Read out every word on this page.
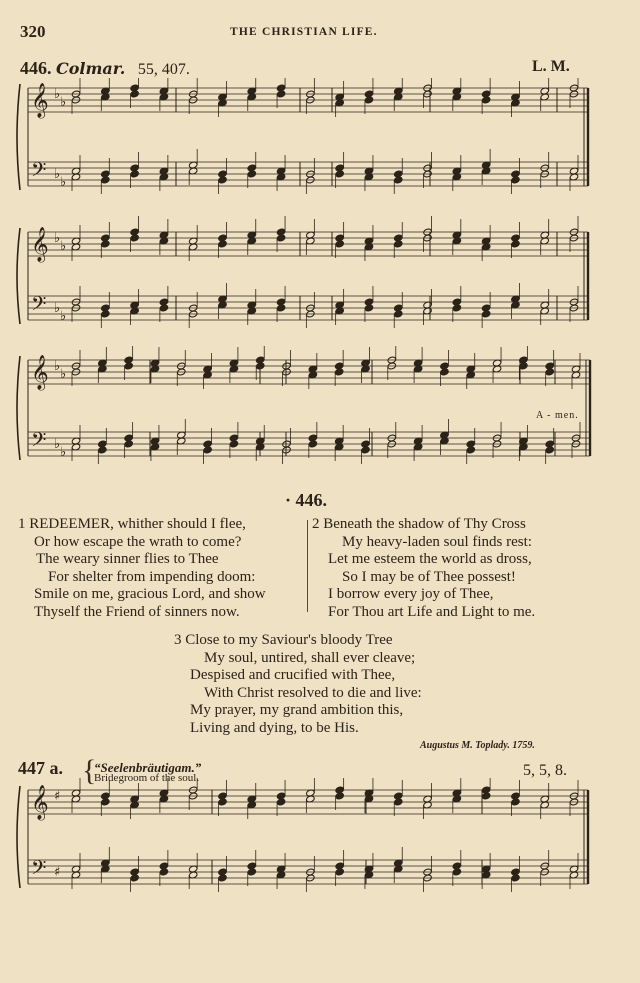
320	THE CHRISTIAN LIFE.
446. Colmar. 55, 407.	L. M.
𝄞
𝄢
♭
♭
♭
♭
𝄞
𝄢
♭
♭
♭
♭
𝄞
𝄢
♭
♭
♭
♭
𝄞
𝄢
♯
♯
A - men.
· 446.
1 REDEEMER, whither should I flee,
Or how escape the wrath to come?
The weary sinner flies to Thee
For shelter from impending doom:
Smile on me, gracious Lord, and show
Thyself the Friend of sinners now.
2 Beneath the shadow of Thy Cross
My heavy-laden soul finds rest:
Let me esteem the world as dross,
So I may be of Thee possest!
I borrow every joy of Thee,
For Thou art Life and Light to me.
3 Close to my Saviour's bloody Tree
My soul, untired, shall ever cleave;
Despised and crucified with Thee,
With Christ resolved to die and live:
My prayer, my grand ambition this,
Living and dying, to be His.
Augustus M. Toplady. 1759.
447 a. {
“Seelenbräutigam.”
Bridegroom of the soul.	5, 5, 8.
